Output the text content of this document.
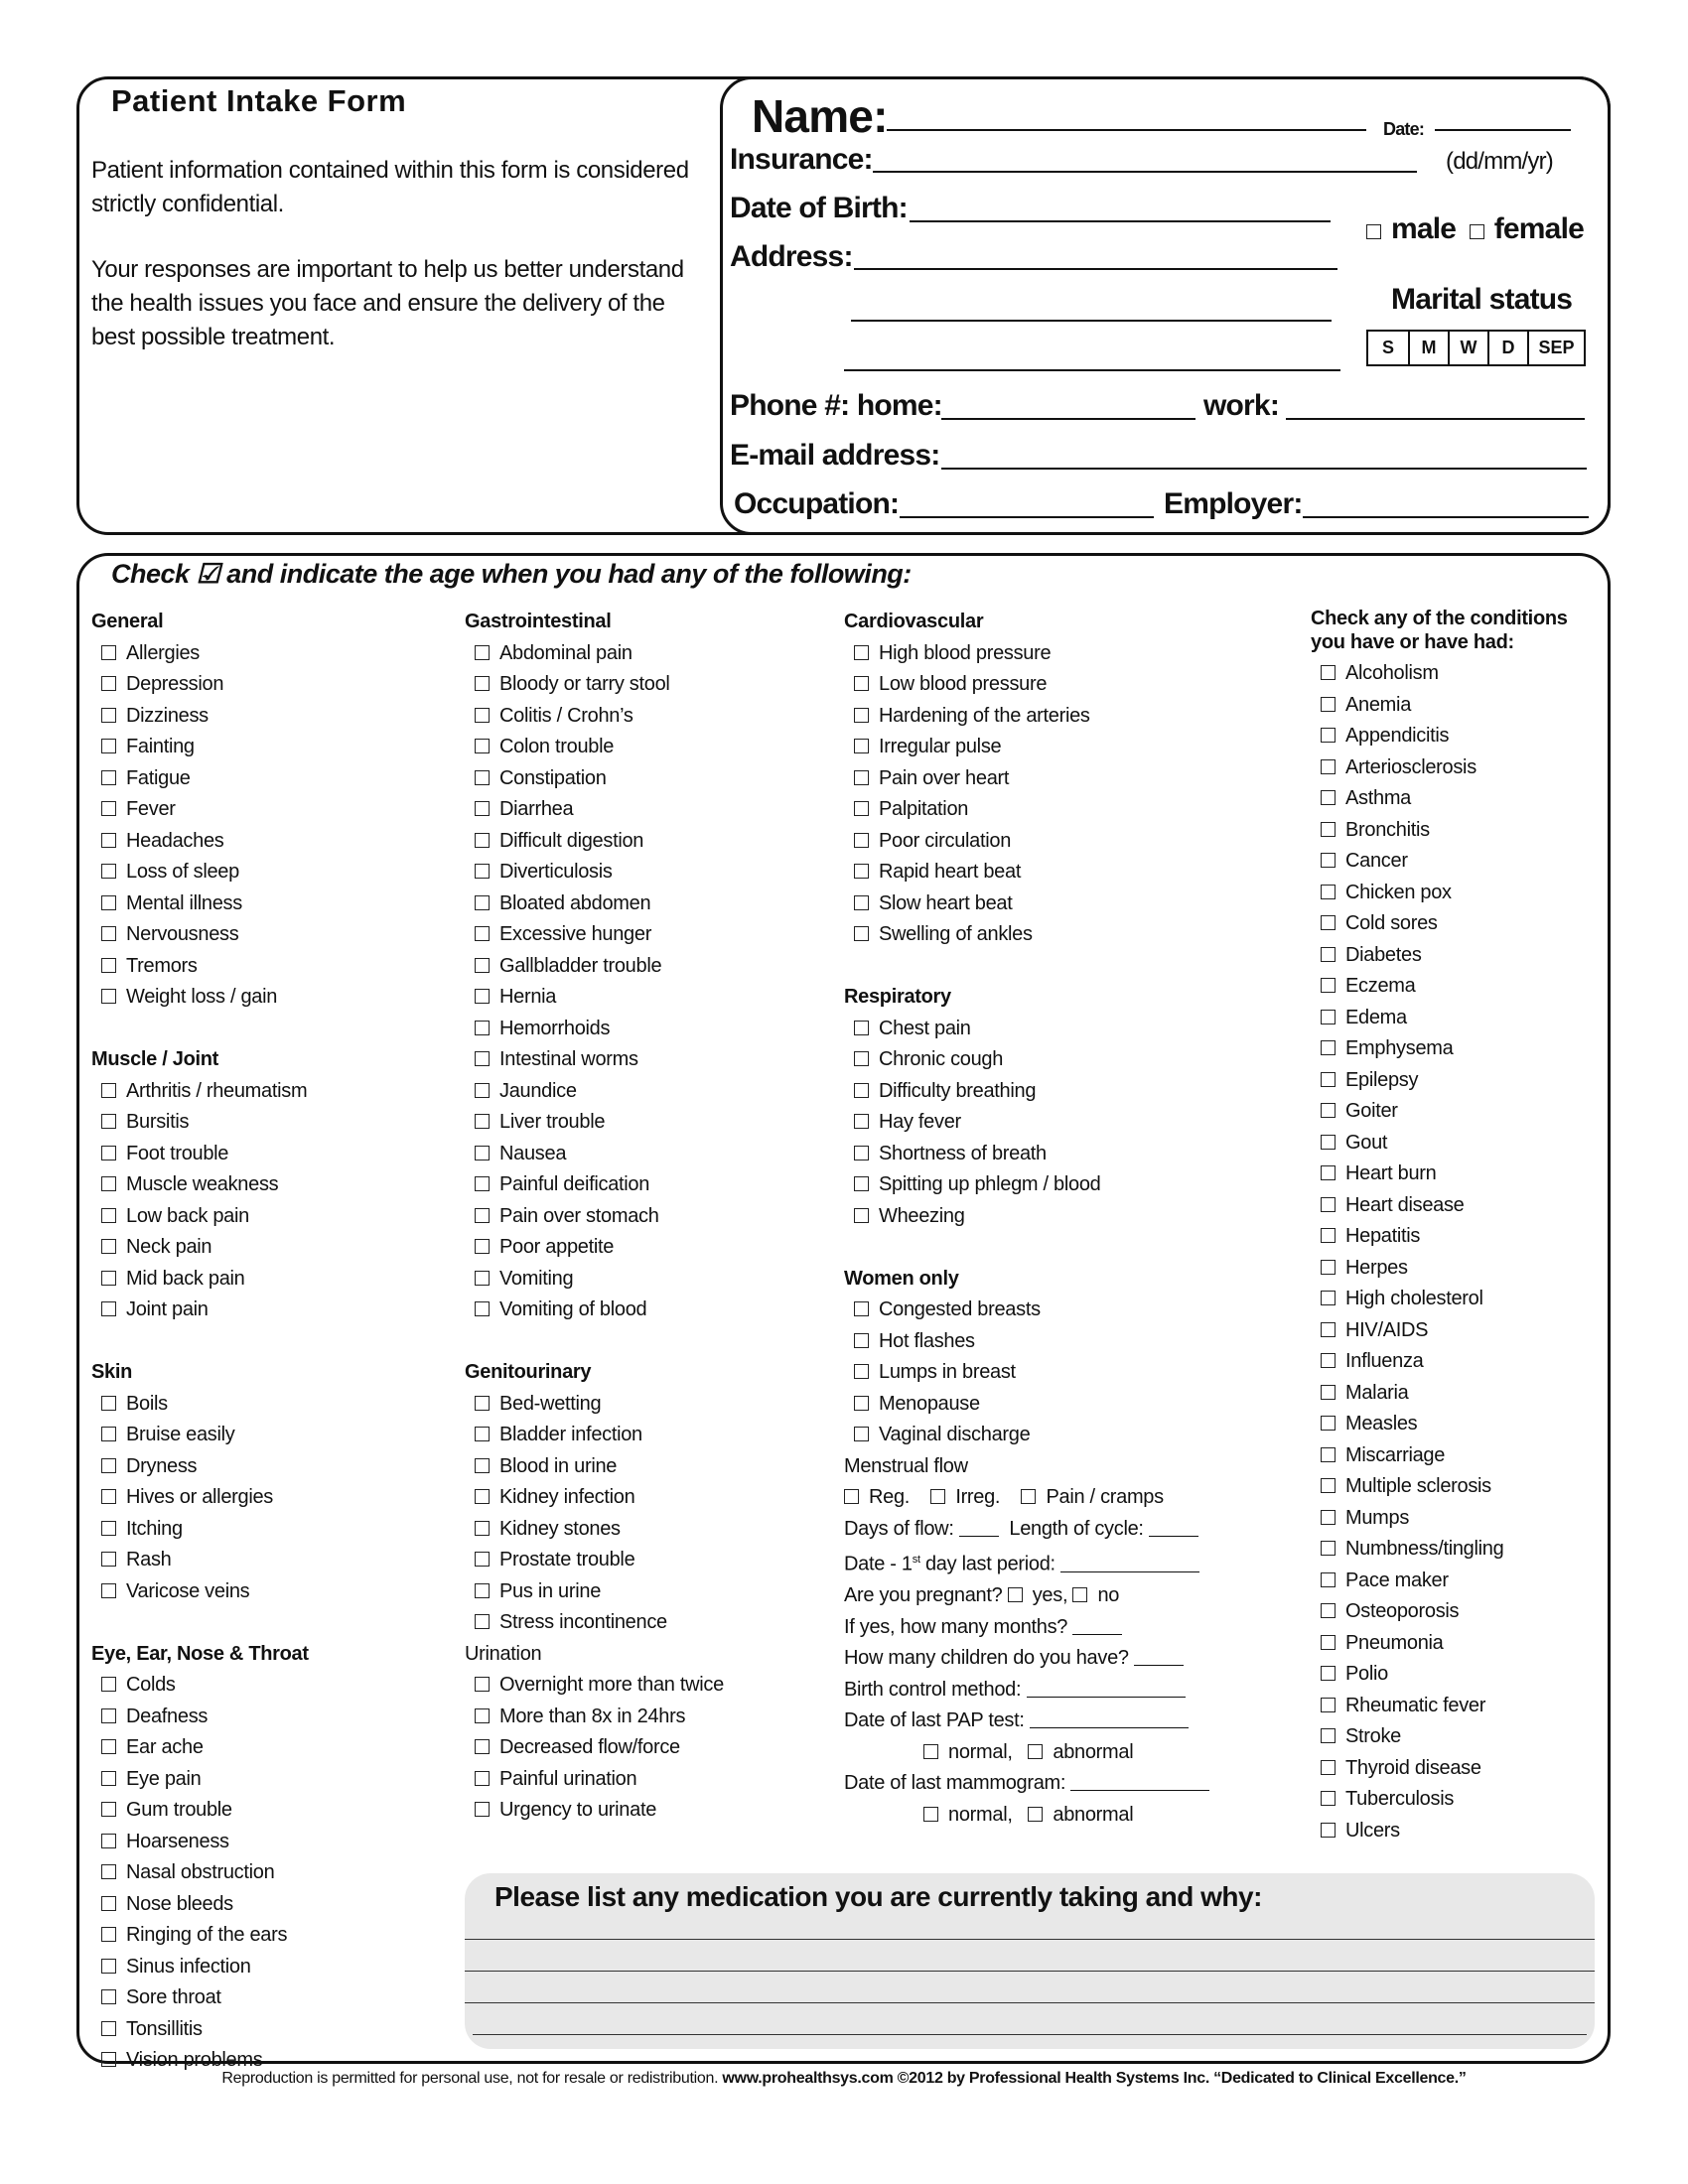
Patient Intake Form
Patient information contained within this form is considered strictly confidential.
Your responses are important to help us better understand the health issues you face and ensure the delivery of the best possible treatment.
Name:	Date:
Insurance:	(dd/mm/yr)
Date of Birth:
male female
Address:
Marital status
S	M	W	D	SEP
Phone #: home:	work:
E-mail address:
Occupation:	Employer:
Check ☑ and indicate the age when you had any of the following:
General
Allergies
Depression
Dizziness
Fainting
Fatigue
Fever
Headaches
Loss of sleep
Mental illness
Nervousness
Tremors
Weight loss / gain
Muscle / Joint
Arthritis / rheumatism
Bursitis
Foot trouble
Muscle weakness
Low back pain
Neck pain
Mid back pain
Joint pain
Skin
Boils
Bruise easily
Dryness
Hives or allergies
Itching
Rash
Varicose veins
Eye, Ear, Nose & Throat
Colds
Deafness
Ear ache
Eye pain
Gum trouble
Hoarseness
Nasal obstruction
Nose bleeds
Ringing of the ears
Sinus infection
Sore throat
Tonsillitis
Vision problems
Gastrointestinal
Abdominal pain
Bloody or tarry stool
Colitis / Crohn’s
Colon trouble
Constipation
Diarrhea
Difficult digestion
Diverticulosis
Bloated abdomen
Excessive hunger
Gallbladder trouble
Hernia
Hemorrhoids
Intestinal worms
Jaundice
Liver trouble
Nausea
Painful deification
Pain over stomach
Poor appetite
Vomiting
Vomiting of blood
Genitourinary
Bed-wetting
Bladder infection
Blood in urine
Kidney infection
Kidney stones
Prostate trouble
Pus in urine
Stress incontinence
Urination
Overnight more than twice
More than 8x in 24hrs
Decreased flow/force
Painful urination
Urgency to urinate
Cardiovascular
High blood pressure
Low blood pressure
Hardening of the arteries
Irregular pulse
Pain over heart
Palpitation
Poor circulation
Rapid heart beat
Slow heart beat
Swelling of ankles
Respiratory
Chest pain
Chronic cough
Difficulty breathing
Hay fever
Shortness of breath
Spitting up phlegm / blood
Wheezing
Women only
Congested breasts
Hot flashes
Lumps in breast
Menopause
Vaginal discharge
Menstrual flow
Reg. Irreg. Pain / cramps
Days of flow:	Length of cycle:
Date - 1st day last period:
Are you pregnant? yes, no
If yes, how many months?
How many children do you have?
Birth control method:
Date of last PAP test:
normal, abnormal
Date of last mammogram:
normal, abnormal
Check any of the conditions you have or have had:
Alcoholism
Anemia
Appendicitis
Arteriosclerosis
Asthma
Bronchitis
Cancer
Chicken pox
Cold sores
Diabetes
Eczema
Edema
Emphysema
Epilepsy
Goiter
Gout
Heart burn
Heart disease
Hepatitis
Herpes
High cholesterol
HIV/AIDS
Influenza
Malaria
Measles
Miscarriage
Multiple sclerosis
Mumps
Numbness/tingling
Pace maker
Osteoporosis
Pneumonia
Polio
Rheumatic fever
Stroke
Thyroid disease
Tuberculosis
Ulcers
Please list any medication you are currently taking and why:
Reproduction is permitted for personal use, not for resale or redistribution. www.prohealthsys.com ©2012 by Professional Health Systems Inc. “Dedicated to Clinical Excellence.”
